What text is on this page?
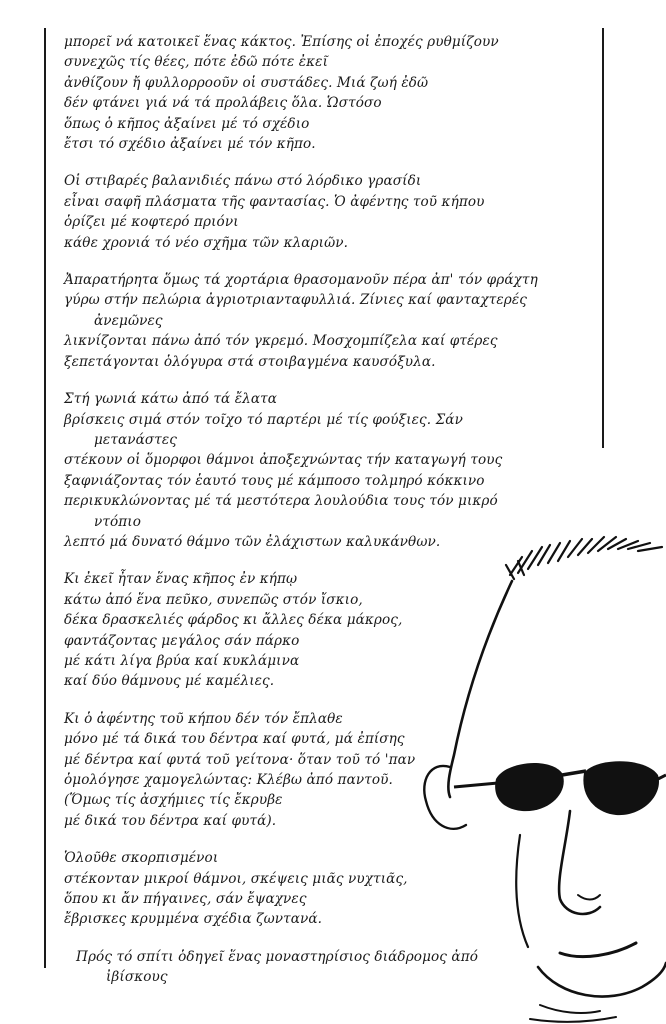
μπορεῖ νά κατοικεῖ ἕνας κάκτος. Ἐπίσης οἱ ἐποχές ρυθμίζουν
συνεχῶς τίς θέες, πότε ἐδῶ πότε ἐκεῖ
ἀνθίζουν ἤ φυλλορροοῦν οἱ συστάδες. Μιά ζωή ἐδῶ
δέν φτάνει γιά νά τά προλάβεις ὅλα. Ὡστόσο
ὅπως ὁ κῆπος ἀξαίνει μέ τό σχέδιο
ἔτσι τό σχέδιο ἀξαίνει μέ τόν κῆπο.
Οἱ στιβαρές βαλανιδιές πάνω στό λόρδικο γρασίδι
εἶναι σαφῆ πλάσματα τῆς φαντασίας. Ὁ ἀφέντης τοῦ κήπου
ὁρίζει μέ κοφτερό πριόνι
κάθε χρονιά τό νέο σχῆμα τῶν κλαριῶν.
Ἀπαρατήρητα ὅμως τά χορτάρια θρασομανοῦν πέρα ἀπ' τόν φράχτη
γύρω στήν πελώρια ἀγριοτριανταφυλλιά. Ζίνιες καί φανταχτερές
ἀνεμῶνες
λικνίζονται πάνω ἀπό τόν γκρεμό. Μοσχομπίζελα καί φτέρες
ξεπετάγονται ὁλόγυρα στά στοιβαγμένα καυσόξυλα.
Στή γωνιά κάτω ἀπό τά ἔλατα
βρίσκεις σιμά στόν τοῖχο τό παρτέρι μέ τίς φούξιες. Σάν
μετανάστες
στέκουν οἱ ὅμορφοι θάμνοι ἀποξεχνώντας τήν καταγωγή τους
ξαφνιάζοντας τόν ἑαυτό τους μέ κάμποσο τολμηρό κόκκινο
περικυκλώνοντας μέ τά μεστότερα λουλούδια τους τόν μικρό
ντόπιο
λεπτό μά δυνατό θάμνο τῶν ἐλάχιστων καλυκάνθων.
Κι ἐκεῖ ἦταν ἕνας κῆπος ἐν κήπῳ
κάτω ἀπό ἕνα πεῦκο, συνεπῶς στόν ἴσκιο,
δέκα δρασκελιές φάρδος κι ἄλλες δέκα μάκρος,
φαντάζοντας μεγάλος σάν πάρκο
μέ κάτι λίγα βρύα καί κυκλάμινα
καί δύο θάμνους μέ καμέλιες.
Κι ὁ ἀφέντης τοῦ κήπου δέν τόν ἔπλαθε
μόνο μέ τά δικά του δέντρα καί φυτά, μά ἐπίσης
μέ δέντρα καί φυτά τοῦ γείτονα· ὅταν τοῦ τό 'παν
ὁμολόγησε χαμογελώντας: Κλέβω ἀπό παντοῦ.
(Ὅμως τίς ἀσχήμιες τίς ἔκρυβε
μέ δικά του δέντρα καί φυτά).
Ὁλοῦθε σκορπισμένοι
στέκονταν μικροί θάμνοι, σκέψεις μιᾶς νυχτιᾶς,
ὅπου κι ἄν πήγαινες, σάν ἔψαχνες
ἔβρισκες κρυμμένα σχέδια ζωντανά.
Πρός τό σπίτι ὁδηγεῖ ἕνας μοναστηρίσιος διάδρομος ἀπό
ἰβίσκους
